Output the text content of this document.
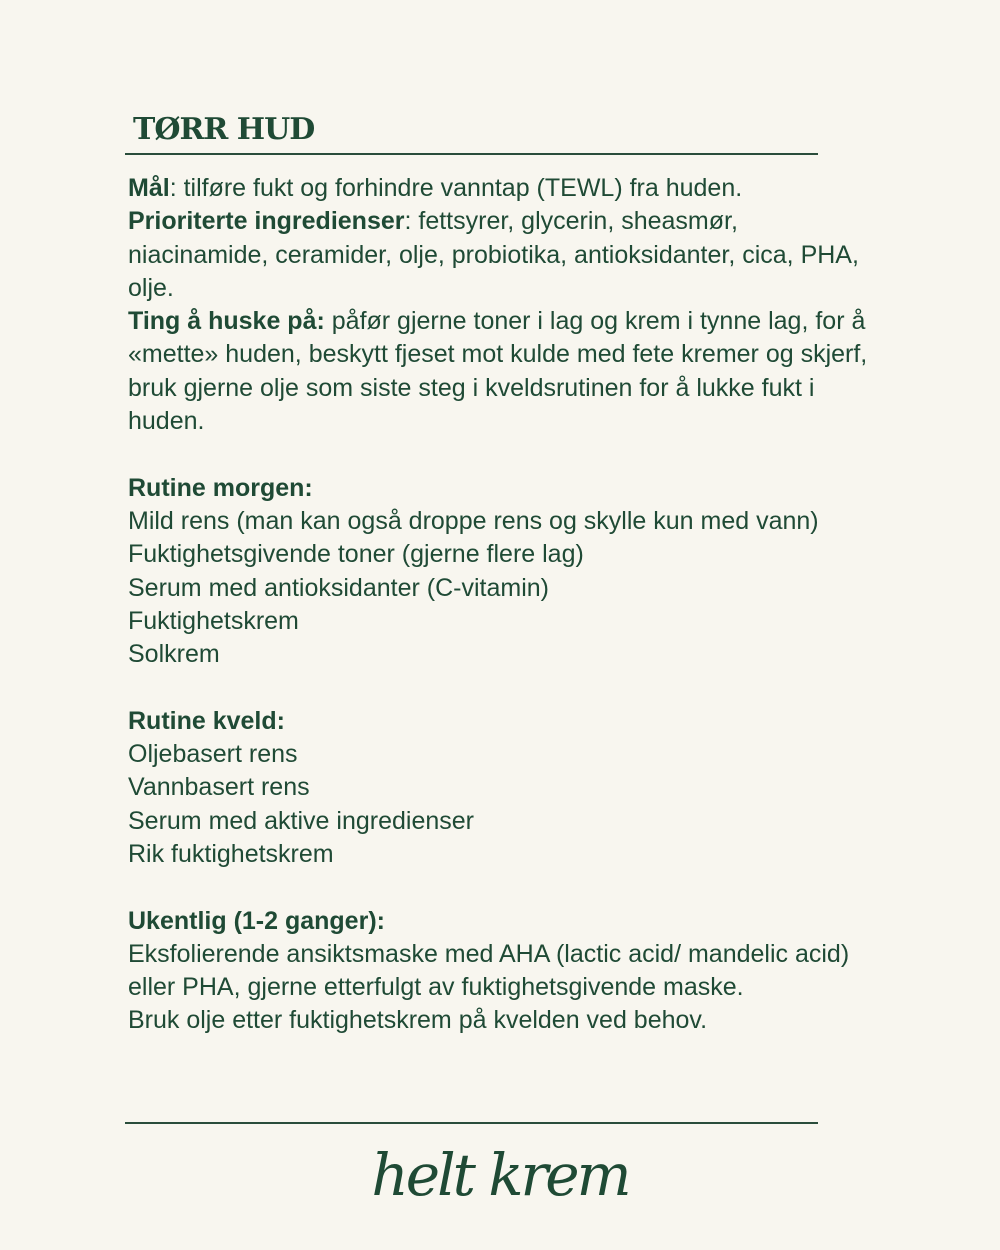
TØRR HUD

Mål: tilføre fukt og forhindre vanntap (TEWL) fra huden.

Prioriterte ingredienser: fettsyrer, glycerin, sheasmør, niacinamide, ceramider, olje, probiotika, antioksidanter, cica, PHA, olje.

Ting å huske på: påfør gjerne toner i lag og krem i tynne lag, for å «mette» huden, beskytt fjeset mot kulde med fete kremer og skjerf, bruk gjerne olje som siste steg i kveldsrutinen for å lukke fukt i huden.

Rutine morgen:

Mild rens (man kan også droppe rens og skylle kun med vann)

Fuktighetsgivende toner (gjerne flere lag)

Serum med antioksidanter (C-vitamin)

Fuktighetskrem

Solkrem

Rutine kveld:

Oljebasert rens

Vannbasert rens

Serum med aktive ingredienser

Rik fuktighetskrem

Ukentlig (1-2 ganger):

Eksfolierende ansiktsmaske med AHA (lactic acid/ mandelic acid) eller PHA, gjerne etterfulgt av fuktighetsgivende maske.

Bruk olje etter fuktighetskrem på kvelden ved behov.

helt krem
